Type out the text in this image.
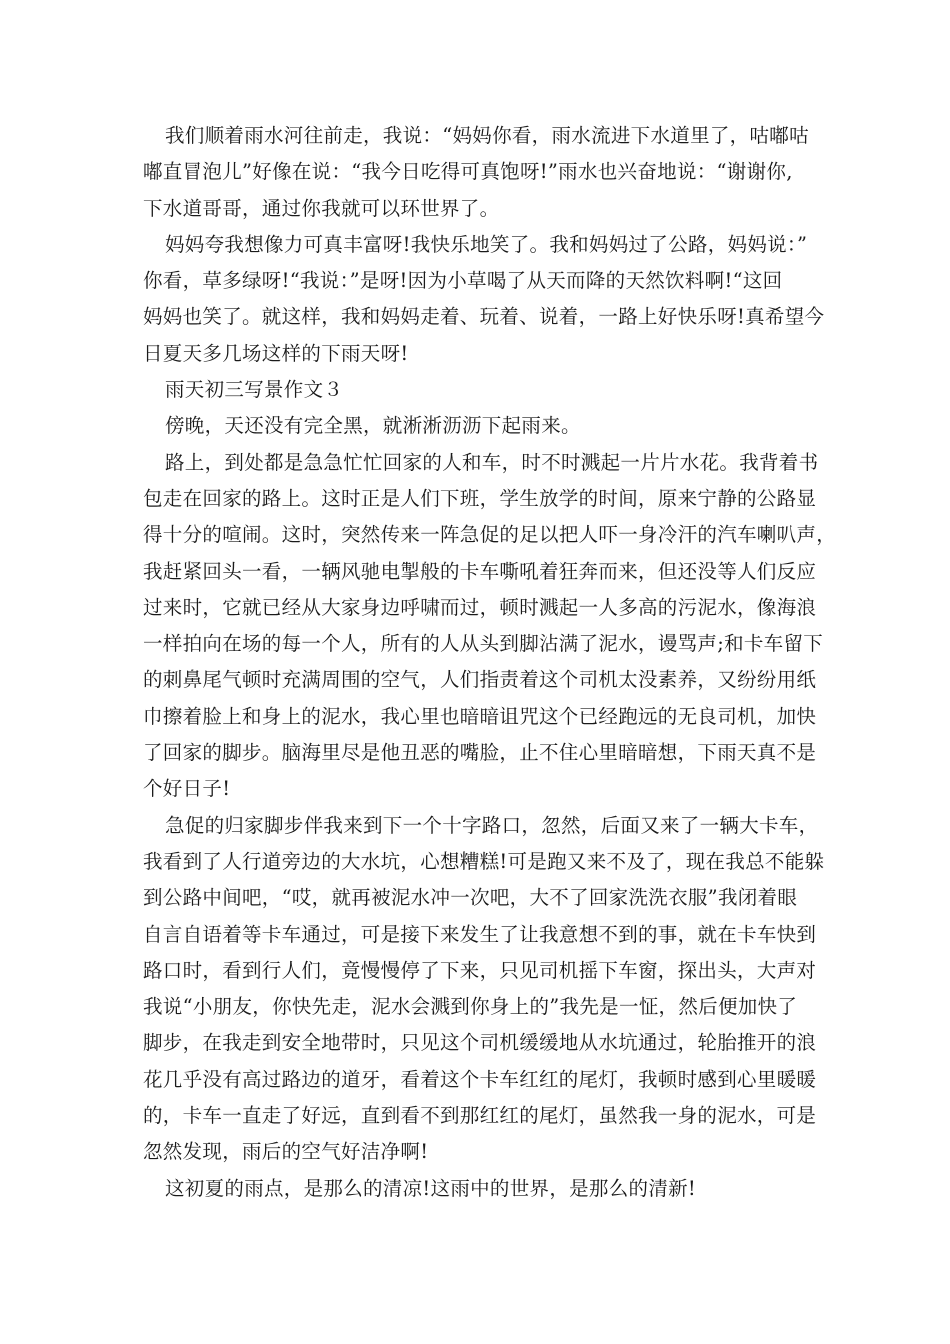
我们顺着雨水河往前走，我说：“妈妈你看，雨水流进下水道里了，咕嘟咕
嘟直冒泡儿”好像在说：“我今日吃得可真饱呀!”雨水也兴奋地说：“谢谢你,
下水道哥哥，通过你我就可以环世界了。
妈妈夸我想像力可真丰富呀!我快乐地笑了。我和妈妈过了公路，妈妈说：”
你看，草多绿呀!“我说：”是呀!因为小草喝了从天而降的天然饮料啊!“这回
妈妈也笑了。就这样，我和妈妈走着、玩着、说着，一路上好快乐呀!真希望今
日夏天多几场这样的下雨天呀!
雨天初三写景作文３
傍晚，天还没有完全黑，就淅淅沥沥下起雨来。
路上，到处都是急急忙忙回家的人和车，时不时溅起一片片水花。我背着书
包走在回家的路上。这时正是人们下班，学生放学的时间，原来宁静的公路显
得十分的喧闹。这时，突然传来一阵急促的足以把人吓一身冷汗的汽车喇叭声，
我赶紧回头一看，一辆风驰电掣般的卡车嘶吼着狂奔而来，但还没等人们反应
过来时，它就已经从大家身边呼啸而过，顿时溅起一人多高的污泥水，像海浪
一样拍向在场的每一个人，所有的人从头到脚沾满了泥水，谩骂声;和卡车留下
的刺鼻尾气顿时充满周围的空气，人们指责着这个司机太没素养，又纷纷用纸
巾擦着脸上和身上的泥水，我心里也暗暗诅咒这个已经跑远的无良司机，加快
了回家的脚步。脑海里尽是他丑恶的嘴脸，止不住心里暗暗想，下雨天真不是
个好日子!
急促的归家脚步伴我来到下一个十字路口，忽然，后面又来了一辆大卡车，
我看到了人行道旁边的大水坑，心想糟糕!可是跑又来不及了，现在我总不能躲
到公路中间吧，“哎，就再被泥水冲一次吧，大不了回家洗洗衣服”我闭着眼
自言自语着等卡车通过，可是接下来发生了让我意想不到的事，就在卡车快到
路口时，看到行人们，竟慢慢停了下来，只见司机摇下车窗，探出头，大声对
我说“小朋友，你快先走，泥水会溅到你身上的”我先是一怔，然后便加快了
脚步，在我走到安全地带时，只见这个司机缓缓地从水坑通过，轮胎推开的浪
花几乎没有高过路边的道牙，看着这个卡车红红的尾灯，我顿时感到心里暖暖
的，卡车一直走了好远，直到看不到那红红的尾灯，虽然我一身的泥水，可是
忽然发现，雨后的空气好洁净啊!
这初夏的雨点，是那么的清凉!这雨中的世界，是那么的清新!
